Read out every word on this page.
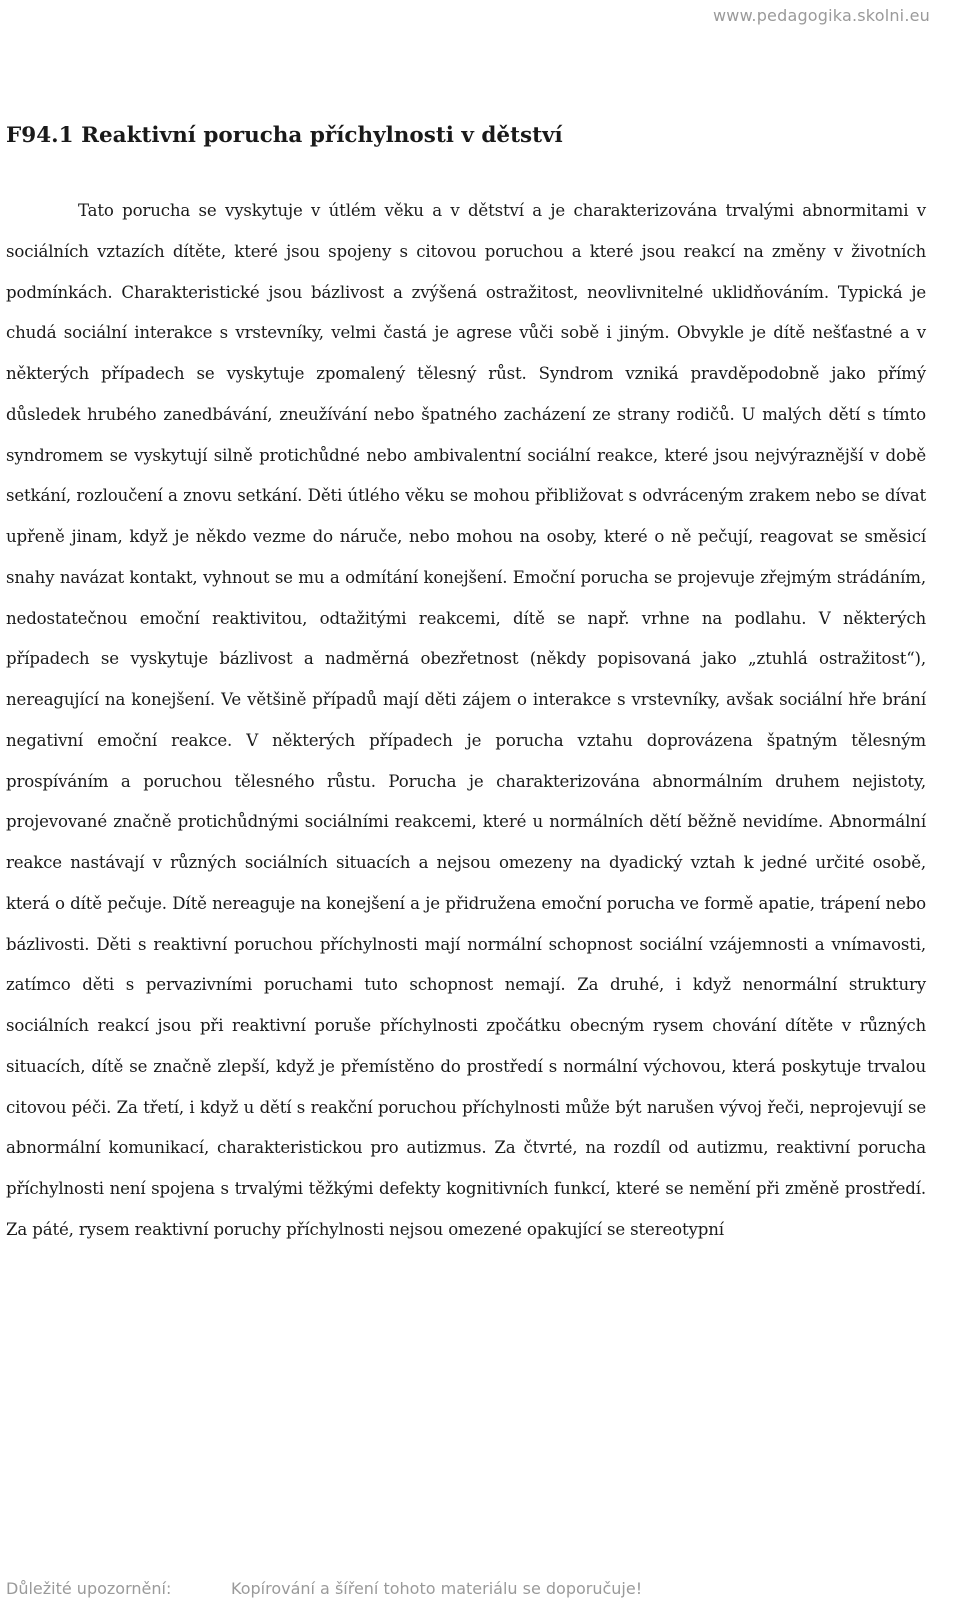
www.pedagogika.skolni.eu
F94.1 Reaktivní porucha příchylnosti v dětství

Tato porucha se vyskytuje v útlém věku a v dětství a je charakterizována trvalými abnormitami v sociálních vztazích dítěte, které jsou spojeny s citovou poruchou a které jsou reakcí na změny v životních podmínkách. Charakteristické jsou bázlivost a zvýšená ostražitost, neovlivnitelné uklidňováním. Typická je chudá sociální interakce s vrstevníky, velmi častá je agrese vůči sobě i jiným. Obvykle je dítě nešťastné a v některých případech se vyskytuje zpomalený tělesný růst. Syndrom vzniká pravděpodobně jako přímý důsledek hrubého zanedbávání, zneužívání nebo špatného zacházení ze strany rodičů. U malých dětí s tímto syndromem se vyskytují silně protichůdné nebo ambivalentní sociální reakce, které jsou nejvýraznější v době setkání, rozloučení a znovu setkání. Děti útlého věku se mohou přibližovat s odvráceným zrakem nebo se dívat upřeně jinam, když je někdo vezme do náruče, nebo mohou na osoby, které o ně pečují, reagovat se směsicí snahy navázat kontakt, vyhnout se mu a odmítání konejšení. Emoční porucha se projevuje zřejmým strádáním, nedostatečnou emoční reaktivitou, odtažitými reakcemi, dítě se např. vrhne na podlahu. V některých případech se vyskytuje bázlivost a nadměrná obezřetnost (někdy popisovaná jako „ztuhlá ostražitost“), nereagující na konejšení. Ve většině případů mají děti zájem o interakce s vrstevníky, avšak sociální hře brání negativní emoční reakce. V některých případech je porucha vztahu doprovázena špatným tělesným prospíváním a poruchou tělesného růstu. Porucha je charakterizována abnormálním druhem nejistoty, projevované značně protichůdnými sociálními reakcemi, které u normálních dětí běžně nevidíme. Abnormální reakce nastávají v různých sociálních situacích a nejsou omezeny na dyadický vztah k jedné určité osobě, která o dítě pečuje. Dítě nereaguje na konejšení a je přidružena emoční porucha ve formě apatie, trápení nebo bázlivosti. Děti s reaktivní poruchou příchylnosti mají normální schopnost sociální vzájemnosti a vnímavosti, zatímco děti s pervazivními poruchami tuto schopnost nemají. Za druhé, i když nenormální struktury sociálních reakcí jsou při reaktivní poruše příchylnosti zpočátku obecným rysem chování dítěte v různých situacích, dítě se značně zlepší, když je přemístěno do prostředí s normální výchovou, která poskytuje trvalou citovou péči. Za třetí, i když u dětí s reakční poruchou příchylnosti může být narušen vývoj řeči, neprojevují se abnormální komunikací, charakteristickou pro autizmus. Za čtvrté, na rozdíl od autizmu, reaktivní porucha příchylnosti není spojena s trvalými těžkými defekty kognitivních funkcí, které se nemění při změně prostředí. Za páté, rysem reaktivní poruchy příchylnosti nejsou omezené opakující se stereotypní

Důležité upozornění:	Kopírování a šíření tohoto materiálu se doporučuje!
